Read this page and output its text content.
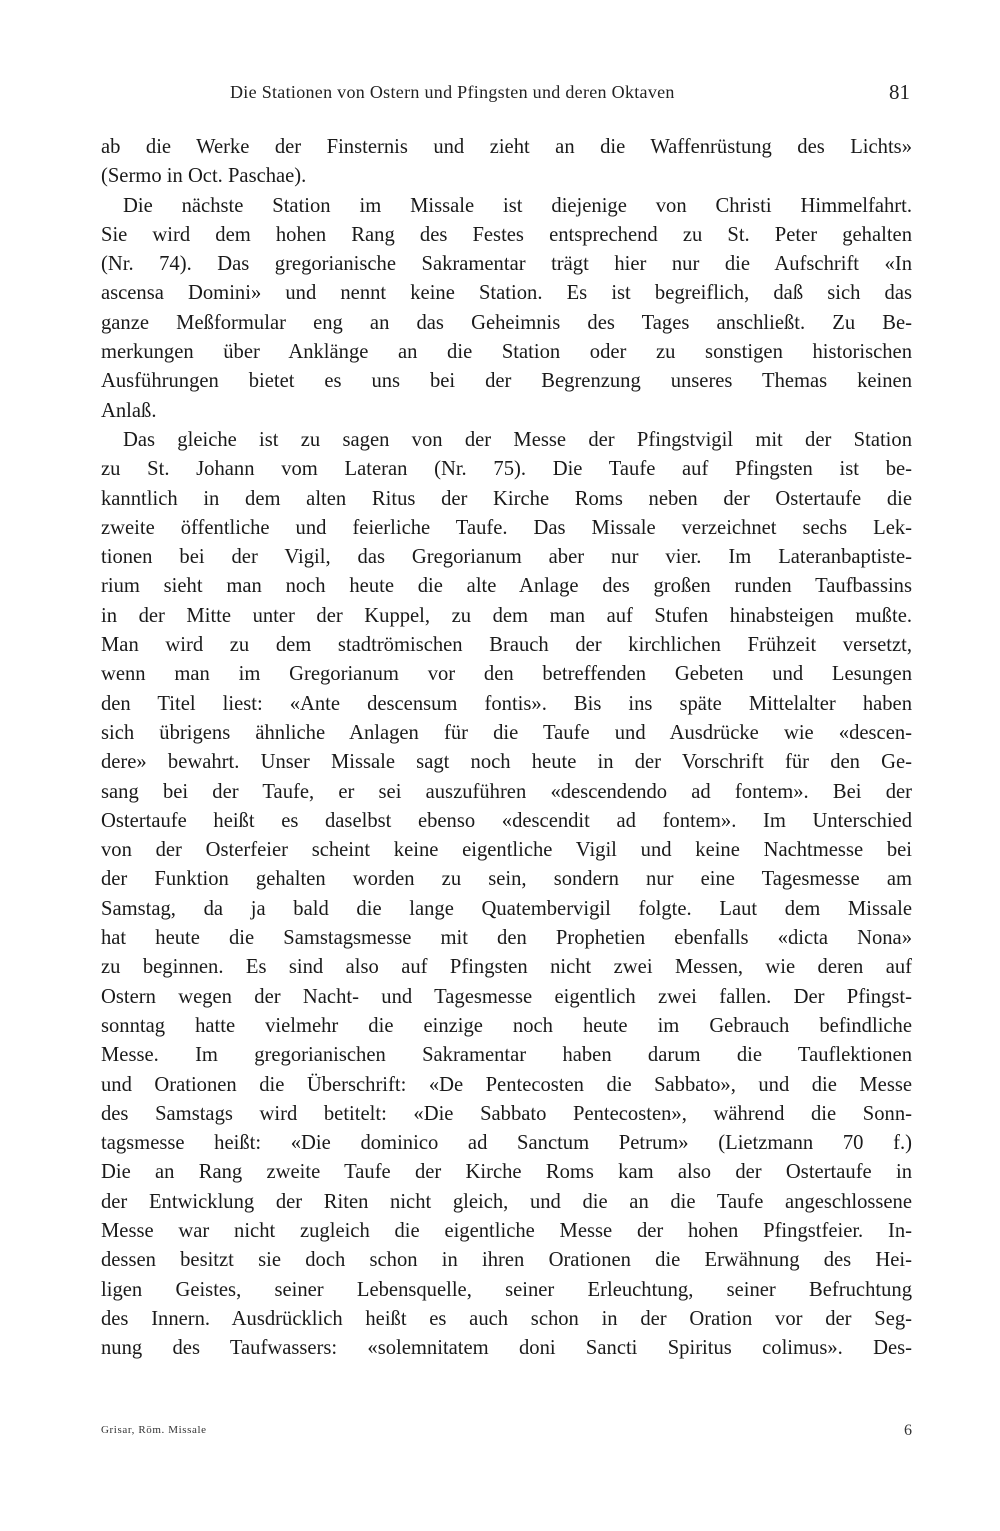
Die Stationen von Ostern und Pfingsten und deren Oktaven	81
ab die Werke der Finsternis und zieht an die Waffenrüstung des Lichts»
(Sermo in Oct. Paschae).
Die nächste Station im Missale ist diejenige von Christi Himmelfahrt.
Sie wird dem hohen Rang des Festes entsprechend zu St. Peter gehalten
(Nr. 74). Das gregorianische Sakramentar trägt hier nur die Aufschrift «In
ascensa Domini» und nennt keine Station. Es ist begreiflich, daß sich das
ganze Meßformular eng an das Geheimnis des Tages anschließt. Zu Be-
merkungen über Anklänge an die Station oder zu sonstigen historischen
Ausführungen bietet es uns bei der Begrenzung unseres Themas keinen
Anlaß.
Das gleiche ist zu sagen von der Messe der Pfingstvigil mit der Station
zu St. Johann vom Lateran (Nr. 75). Die Taufe auf Pfingsten ist be-
kanntlich in dem alten Ritus der Kirche Roms neben der Ostertaufe die
zweite öffentliche und feierliche Taufe. Das Missale verzeichnet sechs Lek-
tionen bei der Vigil, das Gregorianum aber nur vier. Im Lateranbaptiste-
rium sieht man noch heute die alte Anlage des großen runden Taufbassins
in der Mitte unter der Kuppel, zu dem man auf Stufen hinabsteigen mußte.
Man wird zu dem stadtrömischen Brauch der kirchlichen Frühzeit versetzt,
wenn man im Gregorianum vor den betreffenden Gebeten und Lesungen
den Titel liest: «Ante descensum fontis». Bis ins späte Mittelalter haben
sich übrigens ähnliche Anlagen für die Taufe und Ausdrücke wie «descen-
dere» bewahrt. Unser Missale sagt noch heute in der Vorschrift für den Ge-
sang bei der Taufe, er sei auszuführen «descendendo ad fontem». Bei der
Ostertaufe heißt es daselbst ebenso «descendit ad fontem». Im Unterschied
von der Osterfeier scheint keine eigentliche Vigil und keine Nachtmesse bei
der Funktion gehalten worden zu sein, sondern nur eine Tagesmesse am
Samstag, da ja bald die lange Quatembervigil folgte. Laut dem Missale
hat heute die Samstagsmesse mit den Prophetien ebenfalls «dicta Nona»
zu beginnen. Es sind also auf Pfingsten nicht zwei Messen, wie deren auf
Ostern wegen der Nacht- und Tagesmesse eigentlich zwei fallen. Der Pfingst-
sonntag hatte vielmehr die einzige noch heute im Gebrauch befindliche
Messe. Im gregorianischen Sakramentar haben darum die Tauflektionen
und Orationen die Überschrift: «De Pentecosten die Sabbato», und die Messe
des Samstags wird betitelt: «Die Sabbato Pentecosten», während die Sonn-
tagsmesse heißt: «Die dominico ad Sanctum Petrum» (Lietzmann 70 f.)
Die an Rang zweite Taufe der Kirche Roms kam also der Ostertaufe in
der Entwicklung der Riten nicht gleich, und die an die Taufe angeschlossene
Messe war nicht zugleich die eigentliche Messe der hohen Pfingstfeier. In-
dessen besitzt sie doch schon in ihren Orationen die Erwähnung des Hei-
ligen Geistes, seiner Lebensquelle, seiner Erleuchtung, seiner Befruchtung
des Innern. Ausdrücklich heißt es auch schon in der Oration vor der Seg-
nung des Taufwassers: «solemnitatem doni Sancti Spiritus colimus». Des-
Grisar, Röm. Missale	6
